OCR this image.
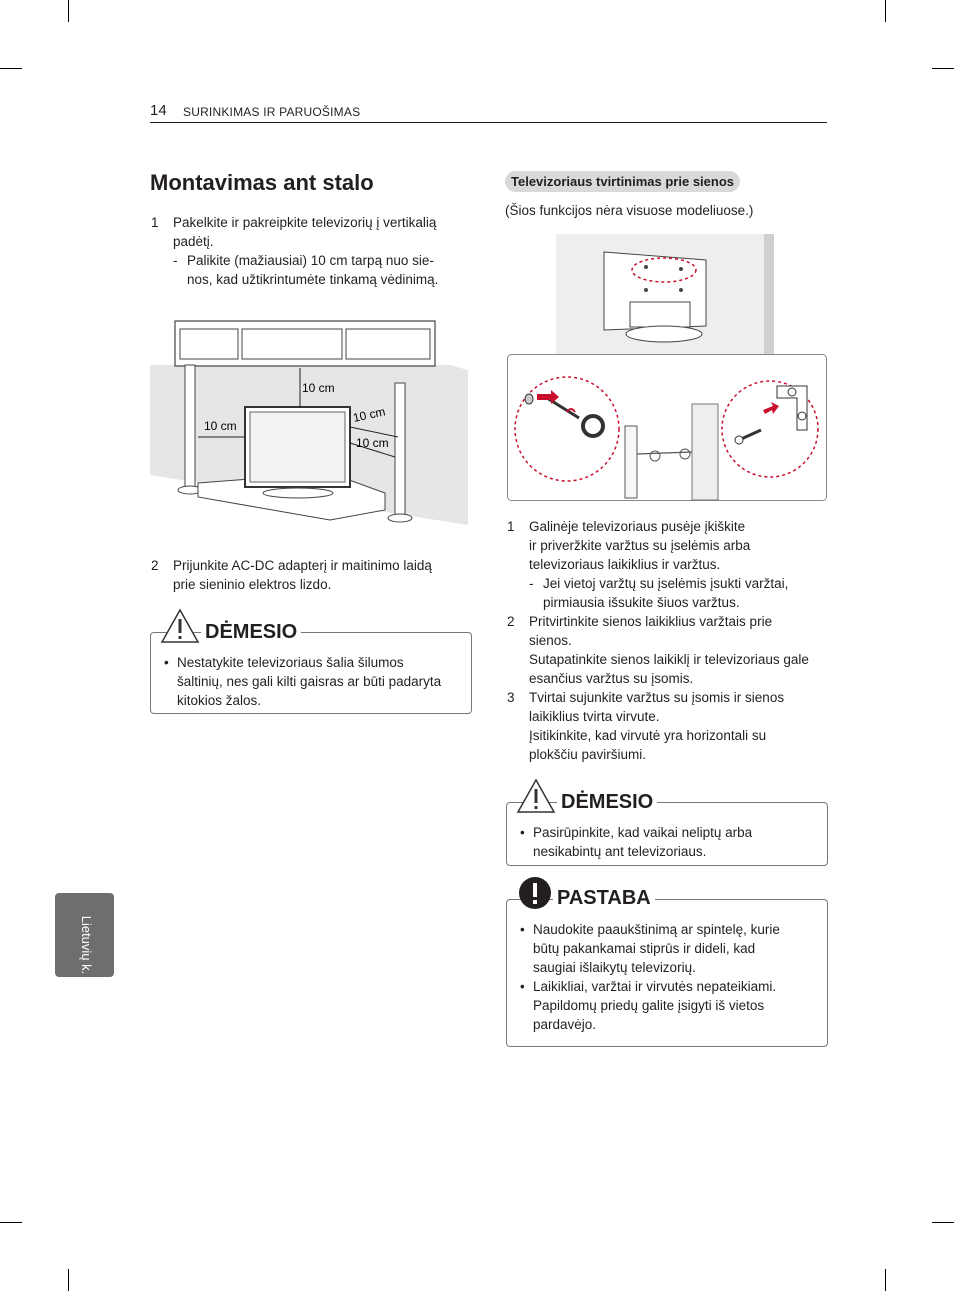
14 SURINKIMAS IR PARUOŠIMAS
Montavimas ant stalo
1 Pakelkite ir pakreipkite televizorių į vertikalią
padėtį.
- Palikite (mažiausiai) 10 cm tarpą nuo sie-
nos, kad užtikrintumėte tinkamą vėdinimą.
10 cm
10 cm
10 cm
10 cm
2 Prijunkite AC-DC adapterį ir maitinimo laidą
prie sieninio elektros lizdo.
DĖMESIO
• Nestatykite televizoriaus šalia šilumos
šaltinių, nes gali kilti gaisras ar būti padaryta
kitokios žalos.
Televizoriaus tvirtinimas prie sienos
(Šios funkcijos nėra visuose modeliuose.)
1 Galinėje televizoriaus pusėje įkiškite
ir priveržkite varžtus su įselėmis arba
televizoriaus laikiklius ir varžtus.
- Jei vietoj varžtų su įselėmis įsukti varžtai,
pirmiausia išsukite šiuos varžtus.
2 Pritvirtinkite sienos laikiklius varžtais prie
sienos.
Sutapatinkite sienos laikiklį ir televizoriaus gale
esančius varžtus su įsomis.
3 Tvirtai sujunkite varžtus su įsomis ir sienos
laikiklius tvirta virvute.
Įsitikinkite, kad virvutė yra horizontali su
plokščiu paviršiumi.
DĖMESIO
• Pasirūpinkite, kad vaikai neliptų arba
nesikabintų ant televizoriaus.
PASTABA
• Naudokite paaukštinimą ar spintelę, kurie
būtų pakankamai stiprūs ir dideli, kad
saugiai išlaikytų televizorių.
• Laikikliai, varžtai ir virvutės nepateikiami.
Papildomų priedų galite įsigyti iš vietos
pardavėjo.
Lietuvių k.
